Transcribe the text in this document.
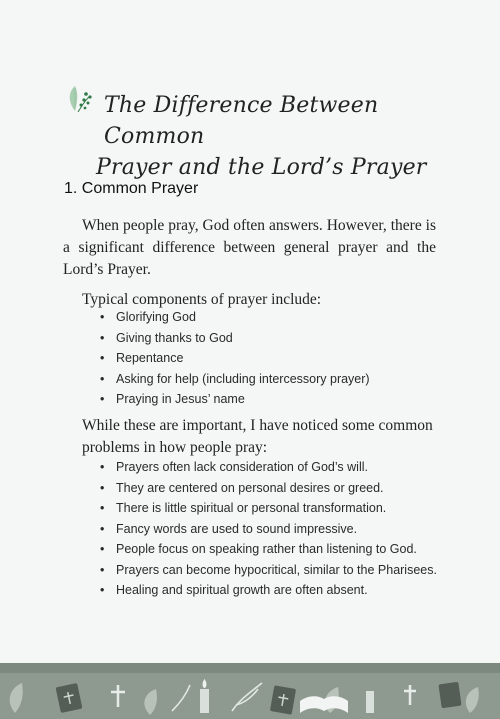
The Difference Between Common
Prayer and the Lord’s Prayer
1. Common Prayer
When people pray, God often answers. However, there is a significant difference between general prayer and the Lord’s Prayer.
Typical components of prayer include:
• Glorifying God
• Giving thanks to God
• Repentance
• Asking for help (including intercessory prayer)
• Praying in Jesus’ name
While these are important, I have noticed some common problems in how people pray:
• Prayers often lack consideration of God’s will.
• They are centered on personal desires or greed.
• There is little spiritual or personal transformation.
• Fancy words are used to sound impressive.
• People focus on speaking rather than listening to God.
• Prayers can become hypocritical, similar to the Pharisees.
• Healing and spiritual growth are often absent.
